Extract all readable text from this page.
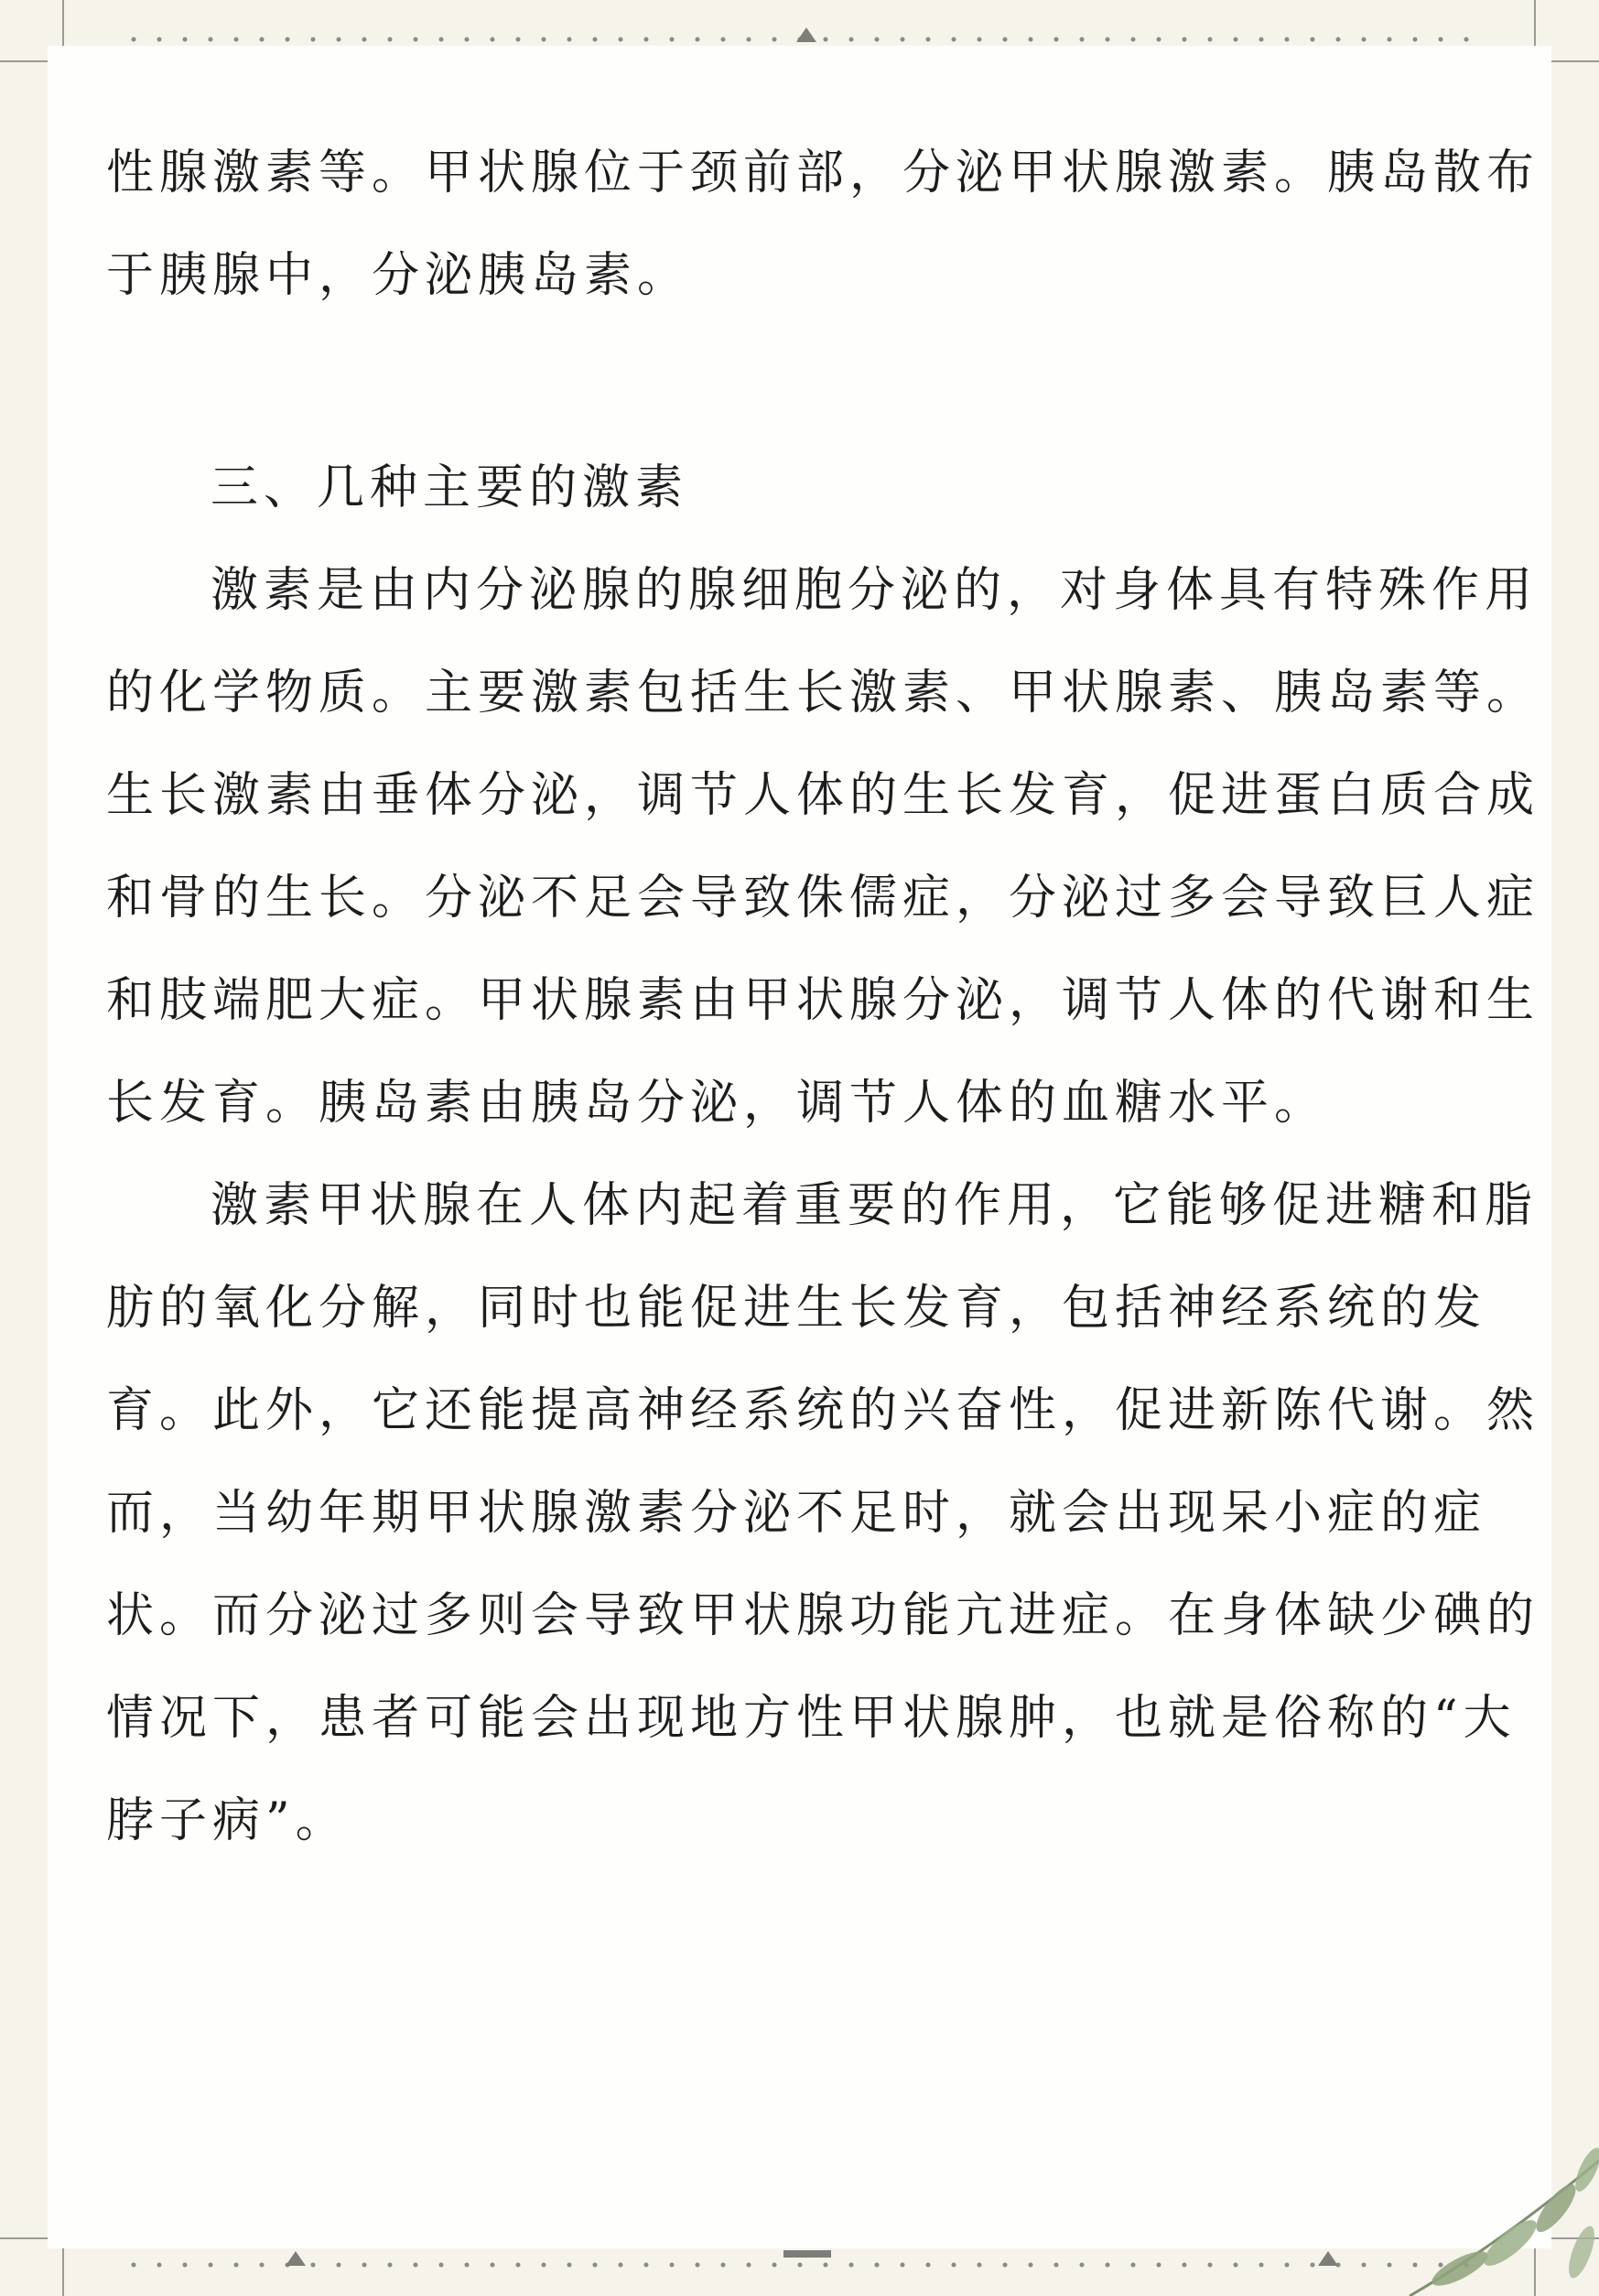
性腺激素等。甲状腺位于颈前部，分泌甲状腺激素。胰岛散布
于胰腺中，分泌胰岛素。
三、几种主要的激素
激素是由内分泌腺的腺细胞分泌的，对身体具有特殊作用
的化学物质。主要激素包括生长激素、甲状腺素、胰岛素等。
生长激素由垂体分泌，调节人体的生长发育，促进蛋白质合成
和骨的生长。分泌不足会导致侏儒症，分泌过多会导致巨人症
和肢端肥大症。甲状腺素由甲状腺分泌，调节人体的代谢和生
长发育。胰岛素由胰岛分泌，调节人体的血糖水平。
激素甲状腺在人体内起着重要的作用，它能够促进糖和脂
肪的氧化分解，同时也能促进生长发育，包括神经系统的发
育。此外，它还能提高神经系统的兴奋性，促进新陈代谢。然
而，当幼年期甲状腺激素分泌不足时，就会出现呆小症的症
状。而分泌过多则会导致甲状腺功能亢进症。在身体缺少碘的
情况下，患者可能会出现地方性甲状腺肿，也就是俗称的“大
脖子病”。
